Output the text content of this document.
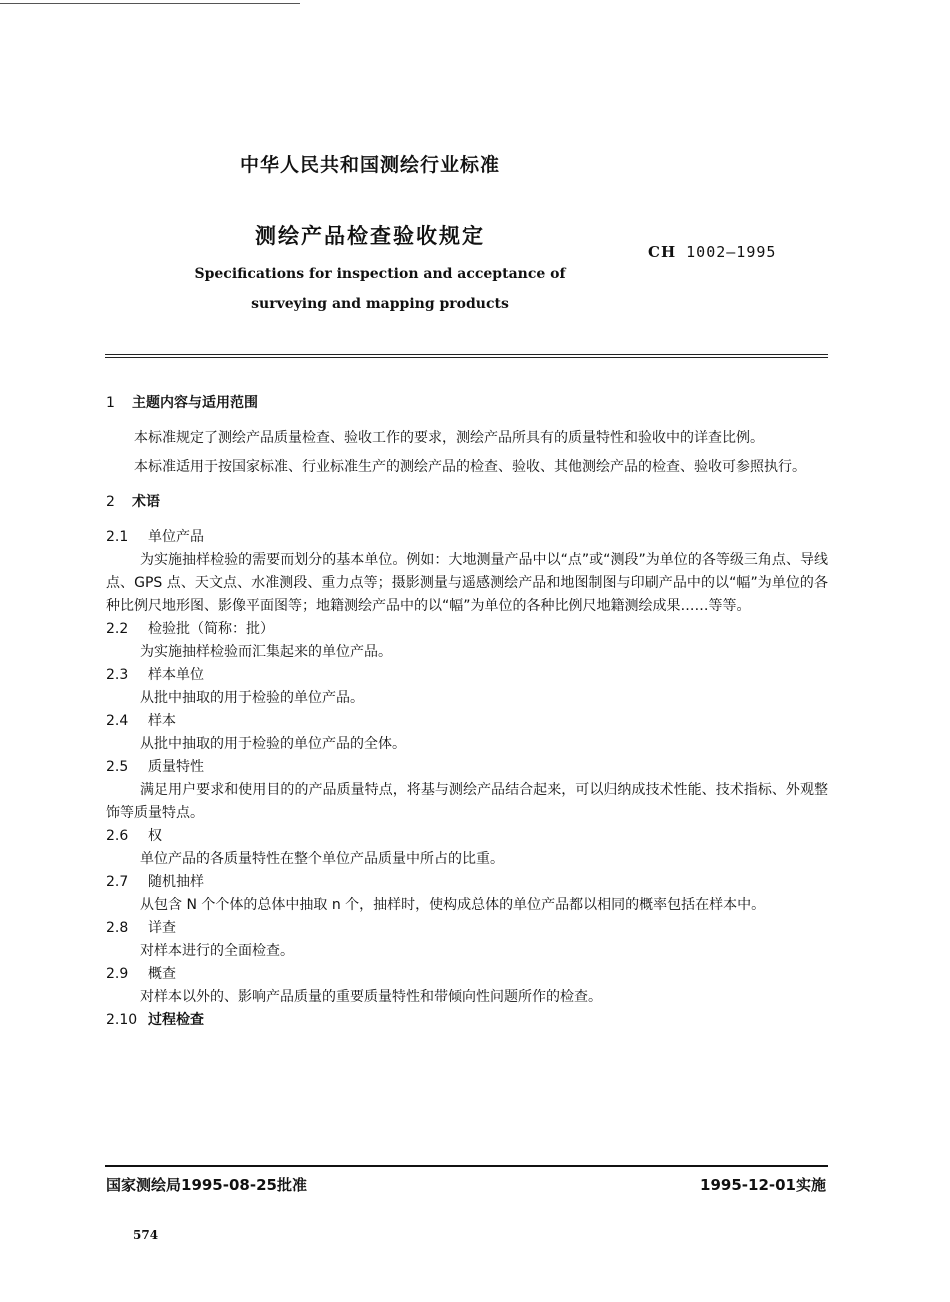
中华人民共和国测绘行业标准
测绘产品检查验收规定
CH 1002—1995
Specifications for inspection and acceptance of
surveying and mapping products

1 主题内容与适用范围

本标准规定了测绘产品质量检查、验收工作的要求，测绘产品所具有的质量特性和验收中的详查比例。

本标准适用于按国家标准、行业标准生产的测绘产品的检查、验收、其他测绘产品的检查、验收可参照执行。

2 术语

2.1 单位产品

为实施抽样检验的需要而划分的基本单位。例如：大地测量产品中以“点”或“测段”为单位的各等级三角点、导线点、GPS 点、天文点、水准测段、重力点等；摄影测量与遥感测绘产品和地图制图与印刷产品中的以“幅”为单位的各种比例尺地形图、影像平面图等；地籍测绘产品中的以“幅”为单位的各种比例尺地籍测绘成果……等等。

2.2 检验批（简称：批）

为实施抽样检验而汇集起来的单位产品。

2.3 样本单位

从批中抽取的用于检验的单位产品。

2.4 样本

从批中抽取的用于检验的单位产品的全体。

2.5 质量特性

满足用户要求和使用目的的产品质量特点，将基与测绘产品结合起来，可以归纳成技术性能、技术指标、外观整饰等质量特点。

2.6 权

单位产品的各质量特性在整个单位产品质量中所占的比重。

2.7 随机抽样

从包含 N 个个体的总体中抽取 n 个，抽样时，使构成总体的单位产品都以相同的概率包括在样本中。

2.8 详查

对样本进行的全面检查。

2.9 概查

对样本以外的、影响产品质量的重要质量特性和带倾向性问题所作的检查。

2.10 过程检查

国家测绘局1995-08-25批准	1995-12-01实施
574
